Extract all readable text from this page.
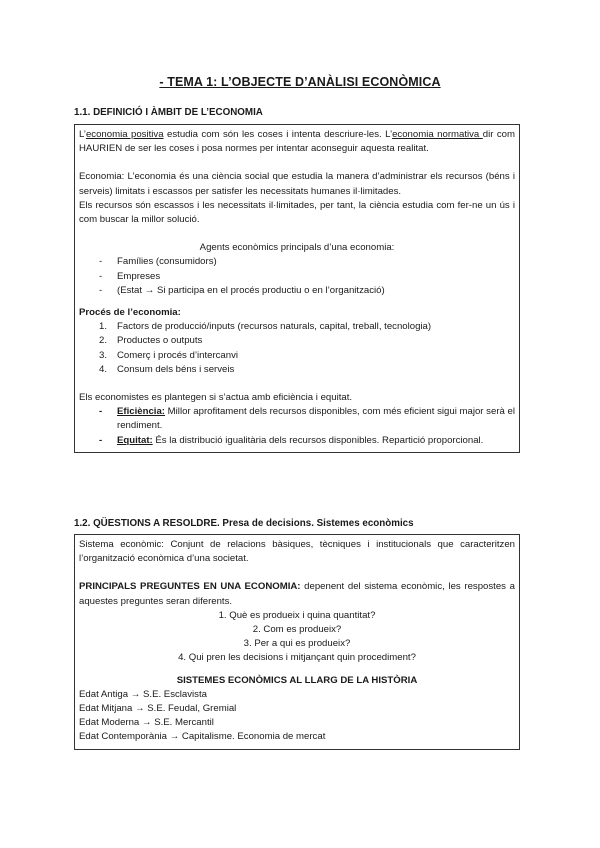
- TEMA 1: L’OBJECTE D’ANÀLISI ECONÒMICA
1.1. DEFINICIÓ I ÀMBIT DE L’ECONOMIA

L’economia positiva estudia com són les coses i intenta descriure-les. L’economia normativa dir com HAURIEN de ser les coses i posa normes per intentar aconseguir aquesta realitat.

Economia: L’economia és una ciència social que estudia la manera d’administrar els recursos (béns i serveis) limitats i escassos per satisfer les necessitats humanes il·limitades.

Els recursos són escassos i les necessitats il·limitades, per tant, la ciència estudia com fer-ne un ús i com buscar la millor solució.

Agents econòmics principals d’una economia:

- Famílies (consumidors)
- Empreses
- (Estat → Si participa en el procés productiu o en l’organització)

Procés de l’economia:

1. Factors de producció/inputs (recursos naturals, capital, treball, tecnologia)
2. Productes o outputs
3. Comerç i procés d’intercanvi
4. Consum dels béns i serveis

Els economistes es plantegen si s’actua amb eficiència i equitat.

- Eficiència: Millor aprofitament dels recursos disponibles, com més eficient sigui major serà el rendiment.
- Equitat: És la distribució igualitària dels recursos disponibles. Repartició proporcional.
1.2. QÜESTIONS A RESOLDRE. Presa de decisions. Sistemes econòmics

Sistema econòmic: Conjunt de relacions bàsiques, tècniques i institucionals que caracteritzen l’organització econòmica d’una societat.

PRINCIPALS PREGUNTES EN UNA ECONOMIA: depenent del sistema econòmic, les respostes a aquestes preguntes seran diferents.

1. Què es produeix i quina quantitat?

2. Com es produeix?

3. Per a qui es produeix?

4. Qui pren les decisions i mitjançant quin procediment?

SISTEMES ECONÒMICS AL LLARG DE LA HISTÒRIA

Edat Antiga → S.E. Esclavista

Edat Mitjana → S.E. Feudal, Gremial

Edat Moderna → S.E. Mercantil

Edat Contemporània → Capitalisme. Economia de mercat
